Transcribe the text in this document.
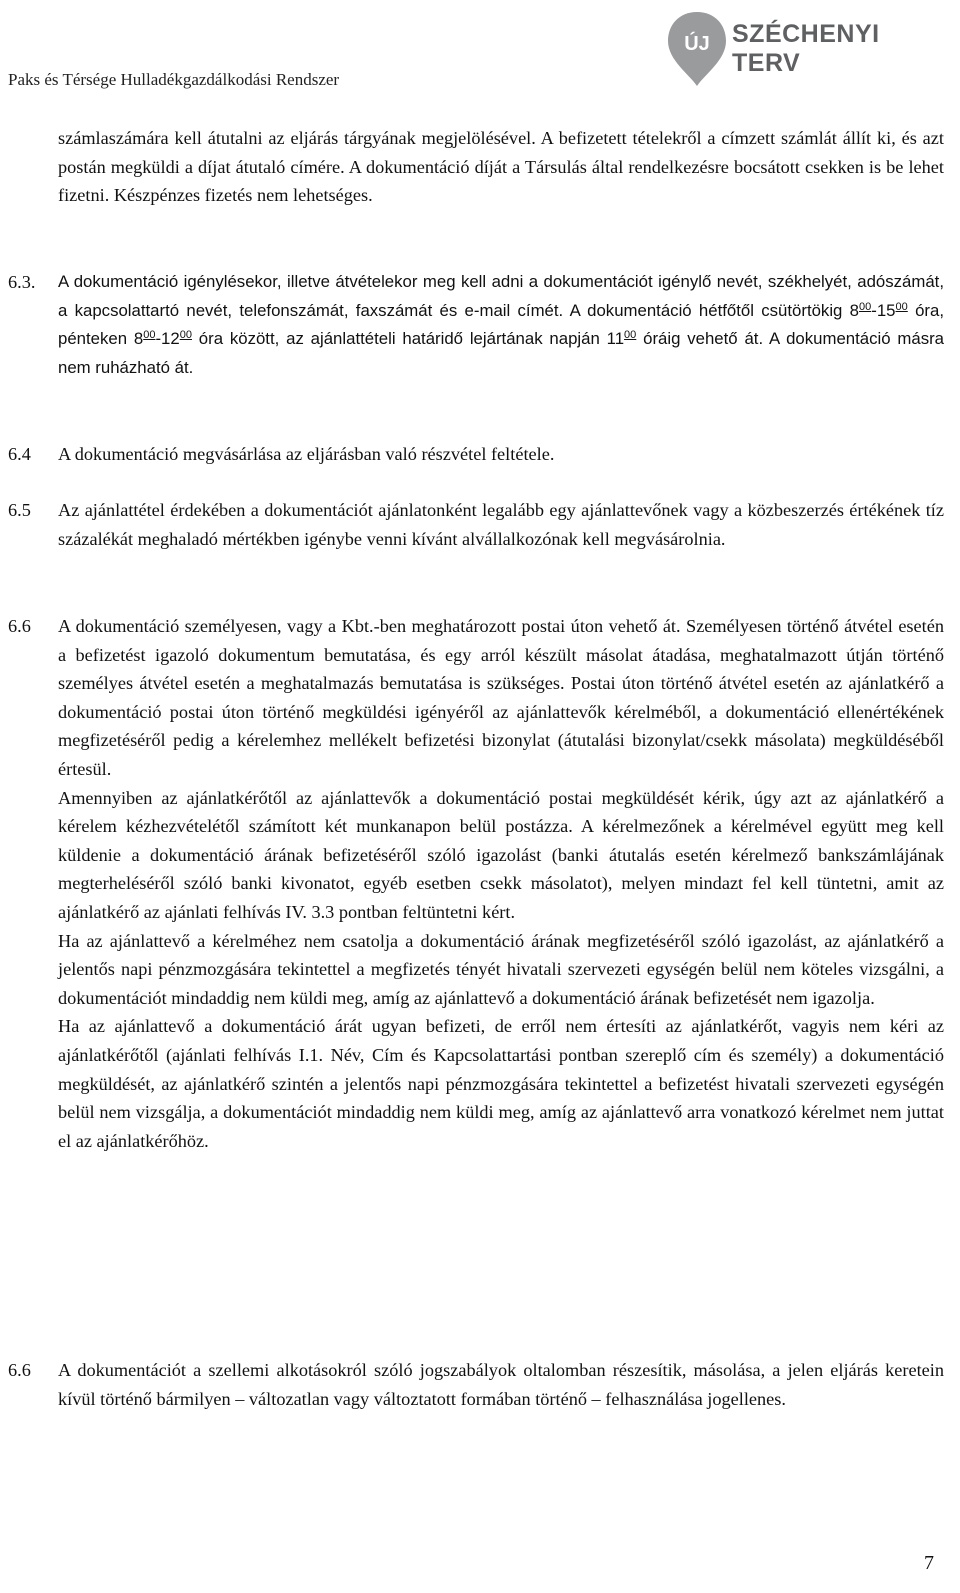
Paks és Térsége Hulladékgazdálkodási Rendszer
ÚJ SZÉCHENYI TERV
számlaszámára kell átutalni az eljárás tárgyának megjelölésével. A befizetett tételekről a címzett számlát állít ki, és azt postán megküldi a díjat átutaló címére. A dokumentáció díját a Társulás által rendelkezésre bocsátott csekken is be lehet fizetni. Készpénzes fizetés nem lehetséges.
6.3. A dokumentáció igénylésekor, illetve átvételekor meg kell adni a dokumentációt igénylő nevét, székhelyét, adószámát, a kapcsolattartó nevét, telefonszámát, faxszámát és e-mail címét. A dokumentáció hétfőtől csütörtökig $8^{00}-15^{00}$ óra, pénteken $8^{00}-12^{00}$ óra között, az ajánlattételi határidő lejártának napján $11^{00}$ óráig vehető át. A dokumentáció másra nem ruházható át.
6.4 A dokumentáció megvásárlása az eljárásban való részvétel feltétele.
6.5 Az ajánlattétel érdekében a dokumentációt ajánlatonként legalább egy ajánlattevőnek vagy a közbeszerzés értékének tíz százalékát meghaladó mértékben igénybe venni kívánt alvállalkozónak kell megvásárolnia.
6.6 A dokumentáció személyesen, vagy a Kbt.-ben meghatározott postai úton vehető át. Személyesen történő átvétel esetén a befizetést igazoló dokumentum bemutatása, és egy arról készült másolat átadása, meghatalmazott útján történő személyes átvétel esetén a meghatalmazás bemutatása is szükséges. Postai úton történő átvétel esetén az ajánlatkérő a dokumentáció postai úton történő megküldési igényéről az ajánlattevők kérelméből, a dokumentáció ellenértékének megfizetéséről pedig a kérelemhez mellékelt befizetési bizonylat (átutalási bizonylat/csekk másolata) megküldéséből értesül.

Amennyiben az ajánlatkérőtől az ajánlattevők a dokumentáció postai megküldését kérik, úgy azt az ajánlatkérő a kérelem kézhezvételétől számított két munkanapon belül postázza. A kérelmezőnek a kérelmével együtt meg kell küldenie a dokumentáció árának befizetéséről szóló igazolást (banki átutalás esetén kérelmező bankszámlájának megterheléséről szóló banki kivonatot, egyéb esetben csekk másolatot), melyen mindazt fel kell tüntetni, amit az ajánlatkérő az ajánlati felhívás IV. 3.3 pontban feltüntetni kért.

Ha az ajánlattevő a kérelméhez nem csatolja a dokumentáció árának megfizetéséről szóló igazolást, az ajánlatkérő a jelentős napi pénzmozgására tekintettel a megfizetés tényét hivatali szervezeti egységén belül nem köteles vizsgálni, a dokumentációt mindaddig nem küldi meg, amíg az ajánlattevő a dokumentáció árának befizetését nem igazolja.

Ha az ajánlattevő a dokumentáció árát ugyan befizeti, de erről nem értesíti az ajánlatkérőt, vagyis nem kéri az ajánlatkérőtől (ajánlati felhívás I.1. Név, Cím és Kapcsolattartási pontban szereplő cím és személy) a dokumentáció megküldését, az ajánlatkérő szintén a jelentős napi pénzmozgására tekintettel a befizetést hivatali szervezeti egységén belül nem vizsgálja, a dokumentációt mindaddig nem küldi meg, amíg az ajánlattevő arra vonatkozó kérelmet nem juttat el az ajánlatkérőhöz.

6.6 A dokumentációt a szellemi alkotásokról szóló jogszabályok oltalomban részesítik, másolása, a jelen eljárás keretein kívül történő bármilyen – változatlan vagy változtatott formában történő – felhasználása jogellenes.
7
